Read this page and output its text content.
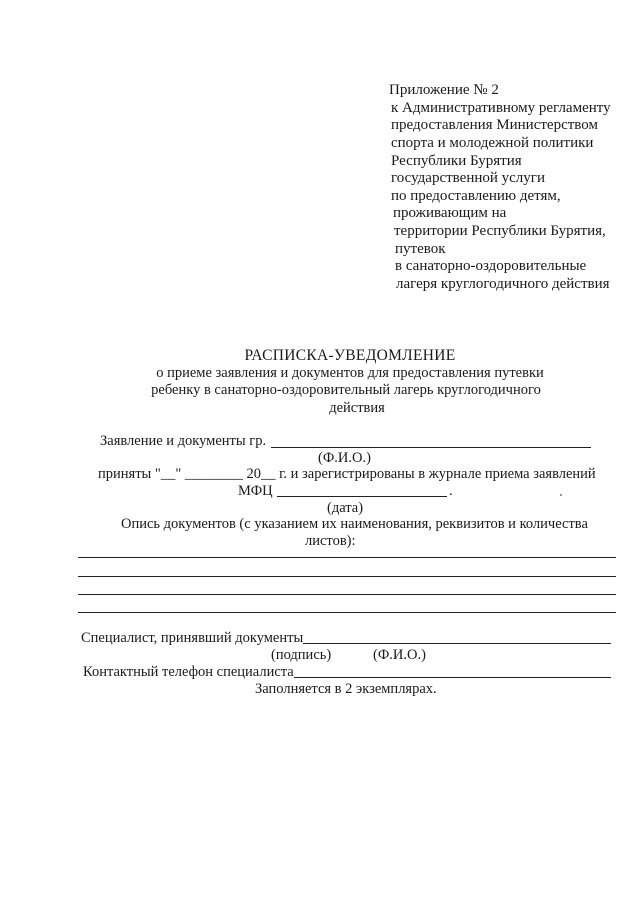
Приложение № 2
к Административному регламенту
предоставления Министерством
спорта и молодежной политики
Республики Бурятия
государственной услуги
по предоставлению детям,
проживающим на
территории Республики Бурятия,
путевок
в санаторно-оздоровительные
лагеря круглогодичного действия
РАСПИСКА-УВЕДОМЛЕНИЕ
о приеме заявления и документов для предоставления путевки
ребенку в санаторно-оздоровительный лагерь круглогодичного
действия
Заявление и документы гр.
(Ф.И.О.)
приняты "__" ________ 20__ г. и зарегистрированы в журнале приема заявлений
МФЦ	.
(дата)
Опись документов (с указанием их наименования, реквизитов и количества
листов):
Специалист, принявший документы
(подпись)	(Ф.И.О.)
Контактный телефон специалиста
Заполняется в 2 экземплярах.
